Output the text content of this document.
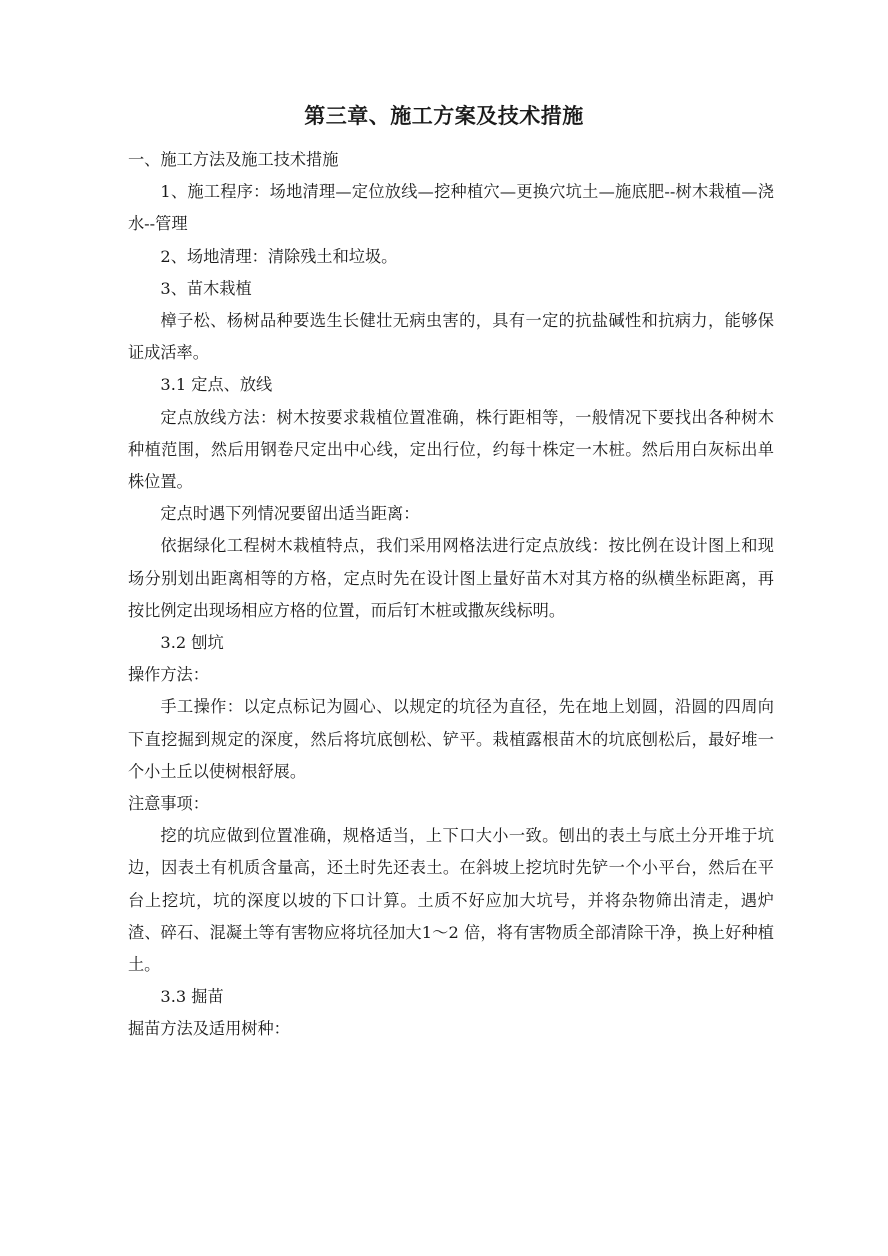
第三章、施工方案及技术措施

一、施工方法及施工技术措施

1、施工程序：场地清理—定位放线—挖种植穴—更换穴坑土—施底肥--树木栽植—浇水--管理

2、场地清理：清除残土和垃圾。

3、苗木栽植

樟子松、杨树品种要选生长健壮无病虫害的，具有一定的抗盐碱性和抗病力，能够保证成活率。

3.1 定点、放线

定点放线方法：树木按要求栽植位置准确，株行距相等，一般情况下要找出各种树木种植范围，然后用钢卷尺定出中心线，定出行位，约每十株定一木桩。然后用白灰标出单株位置。

定点时遇下列情况要留出适当距离：

依据绿化工程树木栽植特点，我们采用网格法进行定点放线：按比例在设计图上和现场分别划出距离相等的方格，定点时先在设计图上量好苗木对其方格的纵横坐标距离，再按比例定出现场相应方格的位置，而后钉木桩或撒灰线标明。

3.2 刨坑

操作方法：

手工操作：以定点标记为圆心、以规定的坑径为直径，先在地上划圆，沿圆的四周向下直挖掘到规定的深度，然后将坑底刨松、铲平。栽植露根苗木的坑底刨松后，最好堆一个小土丘以使树根舒展。

注意事项：

挖的坑应做到位置准确，规格适当，上下口大小一致。刨出的表土与底土分开堆于坑边，因表土有机质含量高，还土时先还表土。在斜坡上挖坑时先铲一个小平台，然后在平台上挖坑，坑的深度以坡的下口计算。土质不好应加大坑号，并将杂物筛出清走，遇炉渣、碎石、混凝土等有害物应将坑径加大1～2 倍，将有害物质全部清除干净，换上好种植土。

3.3 掘苗

掘苗方法及适用树种：
